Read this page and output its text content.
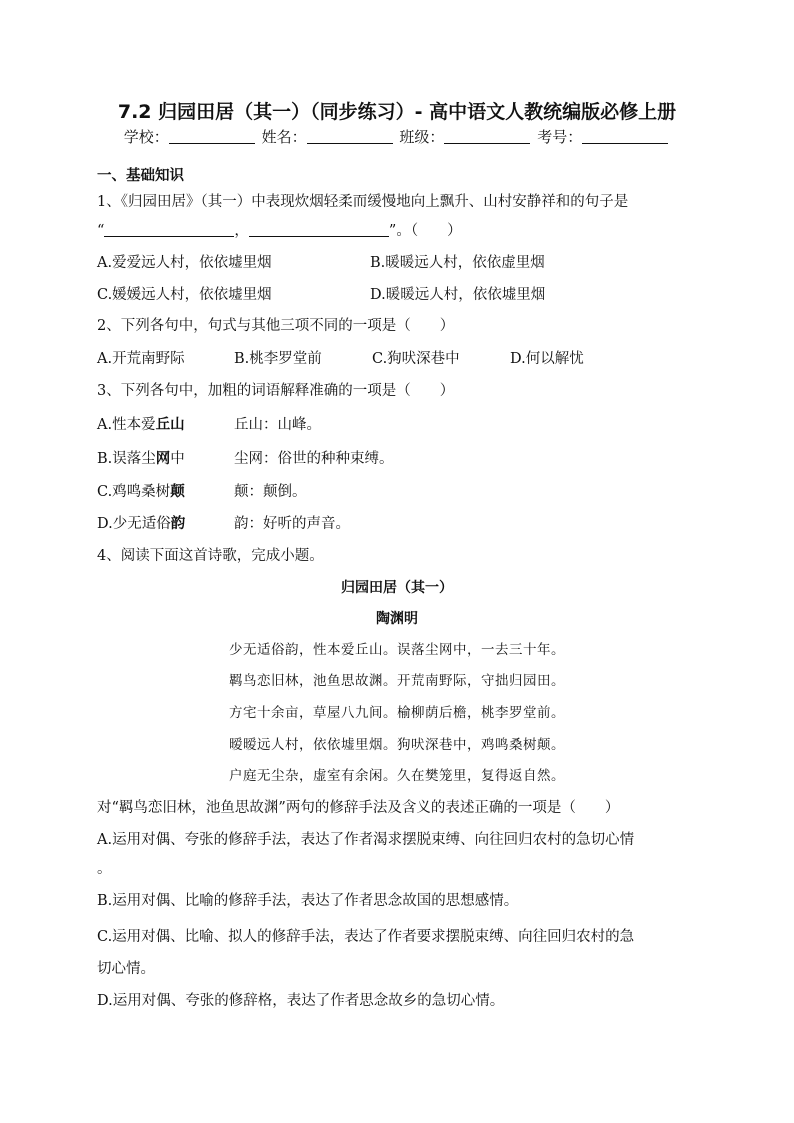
7.2 归园田居（其一）（同步练习）- 高中语文人教统编版必修上册
学校：	姓名：	班级：	考号：
一、基础知识
1、《归园田居》（其一）中表现炊烟轻柔而缓慢地向上飘升、山村安静祥和的句子是
“	，	”。（　　）
A.爱爱远人村，依依墟里烟	B.暖暖远人村，依依虚里烟
C.媛媛远人村，依依墟里烟	D.暖暖远人村，依依墟里烟
2、下列各句中，句式与其他三项不同的一项是（　　）
A.开荒南野际	B.桃李罗堂前	C.狗吠深巷中	D.何以解忧
3、下列各句中，加粗的词语解释准确的一项是（　　）
A.性本爱丘山	丘山：山峰。
B.误落尘网中	尘网：俗世的种种束缚。
C.鸡鸣桑树颠	颠：颠倒。
D.少无适俗韵	韵：好听的声音。
4、阅读下面这首诗歌，完成小题。
归园田居（其一）
陶渊明
少无适俗韵，性本爱丘山。误落尘网中，一去三十年。
羁鸟恋旧林，池鱼思故渊。开荒南野际，守拙归园田。
方宅十余亩，草屋八九间。榆柳荫后檐，桃李罗堂前。
暧暧远人村，依依墟里烟。狗吠深巷中，鸡鸣桑树颠。
户庭无尘杂，虚室有余闲。久在樊笼里，复得返自然。
对“羁鸟恋旧林，池鱼思故渊”两句的修辞手法及含义的表述正确的一项是（　　）
A.运用对偶、夸张的修辞手法，表达了作者渴求摆脱束缚、向往回归农村的急切心情
。
B.运用对偶、比喻的修辞手法，表达了作者思念故国的思想感情。
C.运用对偶、比喻、拟人的修辞手法，表达了作者要求摆脱束缚、向往回归农村的急
切心情。
D.运用对偶、夸张的修辞格，表达了作者思念故乡的急切心情。
